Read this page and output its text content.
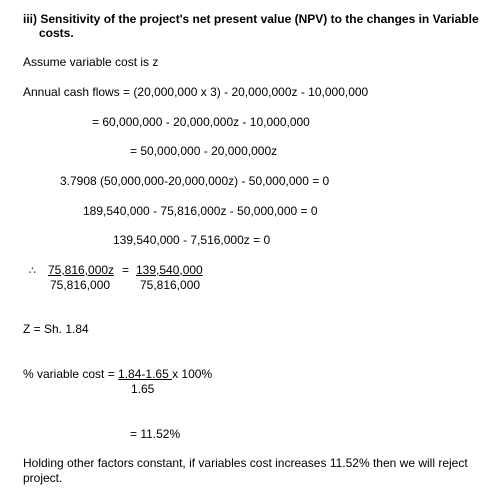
iii) Sensitivity of the project's net present value (NPV) to the changes in Variable
costs.
Assume variable cost is z
Annual cash flows = (20,000,000 x 3) - 20,000,000z - 10,000,000
= 60,000,000 - 20,000,000z - 10,000,000
= 50,000,000 - 20,000,000z
3.7908 (50,000,000-20,000,000z) - 50,000,000 = 0
189,540,000 - 75,816,000z - 50,000,000 = 0
139,540,000 - 7,516,000z = 0
∴ 75,816,000z = 139,540,000
75,816,000 75,816,000
Z = Sh. 1.84
% variable cost = 1.84-1.65 x 100%
1.65
= 11.52%
Holding other factors constant, if variables cost increases 11.52% then we will reject
project.
